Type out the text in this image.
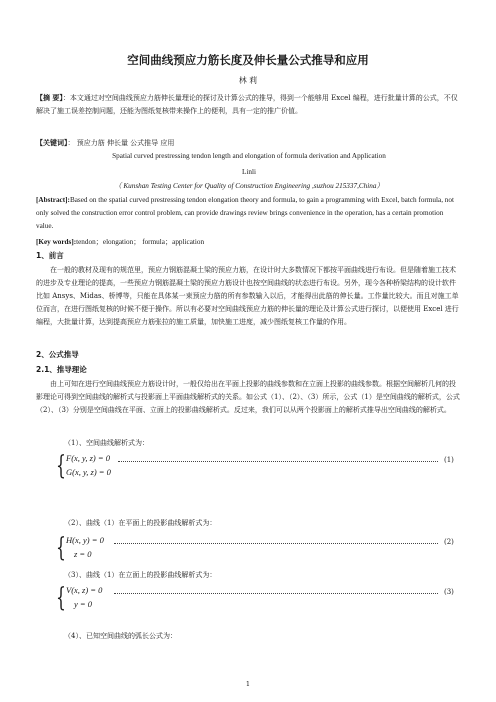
空间曲线预应力筋长度及伸长量公式推导和应用
林 莉
【摘 要】：本文通过对空间曲线预应力筋伸长量理论的探讨及计算公式的推导，得到一个能够用 Excel 编程，进行批量计算的公式，不仅解决了施工误差控制问题，还能为图纸复核带来操作上的便利，具有一定的推广价值。
【关键词】： 预应力筋 伸长量 公式推导 应用
Spatial curved prestressing tendon length and elongation of formula derivation and Application
Linli
（ Kunshan Testing Center for Quality of Construction Engineering ,suzhou 215337,China）
[Abstract]:Based on the spatial curved prestressing tendon elongation theory and formula, to gain a programming with Excel, batch formula, not only solved the construction error control problem, can provide drawings review brings convenience in the operation, has a certain promotion value.
[Key words]:tendon；elongation； formula；application
1、前言
在一般的教材及现有的规范里，预应力钢筋混凝土梁的预应力筋，在设计时大多数情况下都按平面曲线进行布设。但是随着施工技术的进步及专业理论的提高，一些预应力钢筋混凝土梁的预应力筋设计也按空间曲线的状态进行布设。另外，现今各种桥梁结构的设计软件比如 Ansys、Midas、桥博等，只能在具体某一束预应力筋的所有参数输入以后，才能得出此筋的伸长量。工作量比较大。而且对施工单位而言，在进行图纸复核的时候不便于操作。所以有必要对空间曲线预应力筋的伸长量的理论及计算公式进行探讨，以便使用 Excel 进行编程，大批量计算，达到提高预应力筋张拉的施工质量，加快施工进度，减少图纸复核工作量的作用。
2、公式推导
2.1、推导理论
由上可知在进行空间曲线预应力筋设计时，一般仅给出在平面上投影的曲线参数和在立面上投影的曲线参数。根据空间解析几何的投影理论可得到空间曲线的解析式与投影面上平面曲线解析式的关系。如公式（1）、（2）、（3）所示，公式（1）是空间曲线的解析式，公式（2）、（3）分别是空间曲线在平面、立面上的投影曲线解析式。反过来，我们可以从两个投影面上的解析式推导出空间曲线的解析式。
（1）、空间曲线解析式为：
{ F(x, y, z) = 0
G(x, y, z) = 0
(1)
（2）、曲线（1）在平面上的投影曲线解析式为：
{ H(x, y) = 0
z = 0
(2)
（3）、曲线（1）在立面上的投影曲线解析式为：
{ V(x, z) = 0
y = 0
(3)
（4）、已知空间曲线的弧长公式为：
1
